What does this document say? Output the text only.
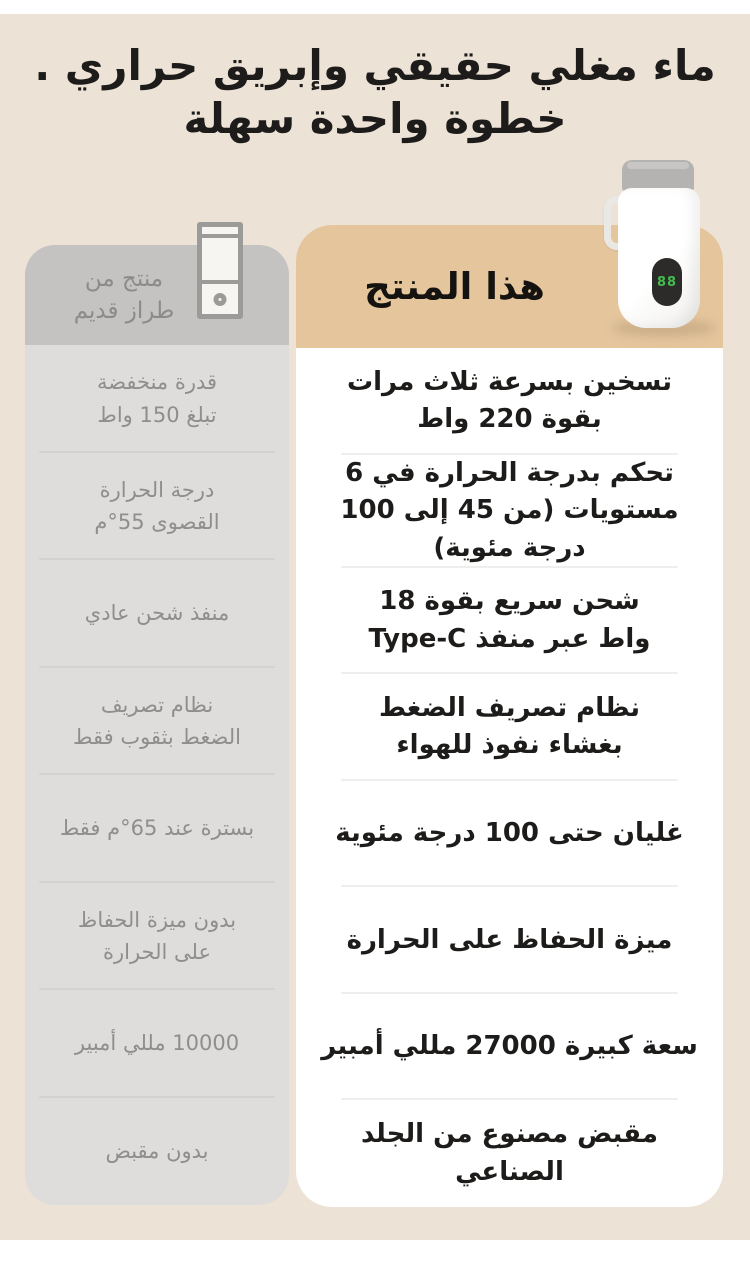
ماء مغلي حقيقي وإبريق حراري .
خطوة واحدة سهلة
منتج من طراز قديم
قدرة منخفضة تبلغ 150 واط
درجة الحرارة القصوى 55°م
منفذ شحن عادي
نظام تصريف الضغط بثقوب فقط
بسترة عند 65°م فقط
بدون ميزة الحفاظ على الحرارة
10000 مللي أمبير
بدون مقبض
هذا المنتج
تسخين بسرعة ثلاث مرات بقوة 220 واط
تحكم بدرجة الحرارة في 6 مستويات (من 45 إلى 100 درجة مئوية)
شحن سريع بقوة 18 واط عبر منفذ Type-C
نظام تصريف الضغط بغشاء نفوذ للهواء
غليان حتى 100 درجة مئوية
ميزة الحفاظ على الحرارة
سعة كبيرة 27000 مللي أمبير
مقبض مصنوع من الجلد الصناعي
88
